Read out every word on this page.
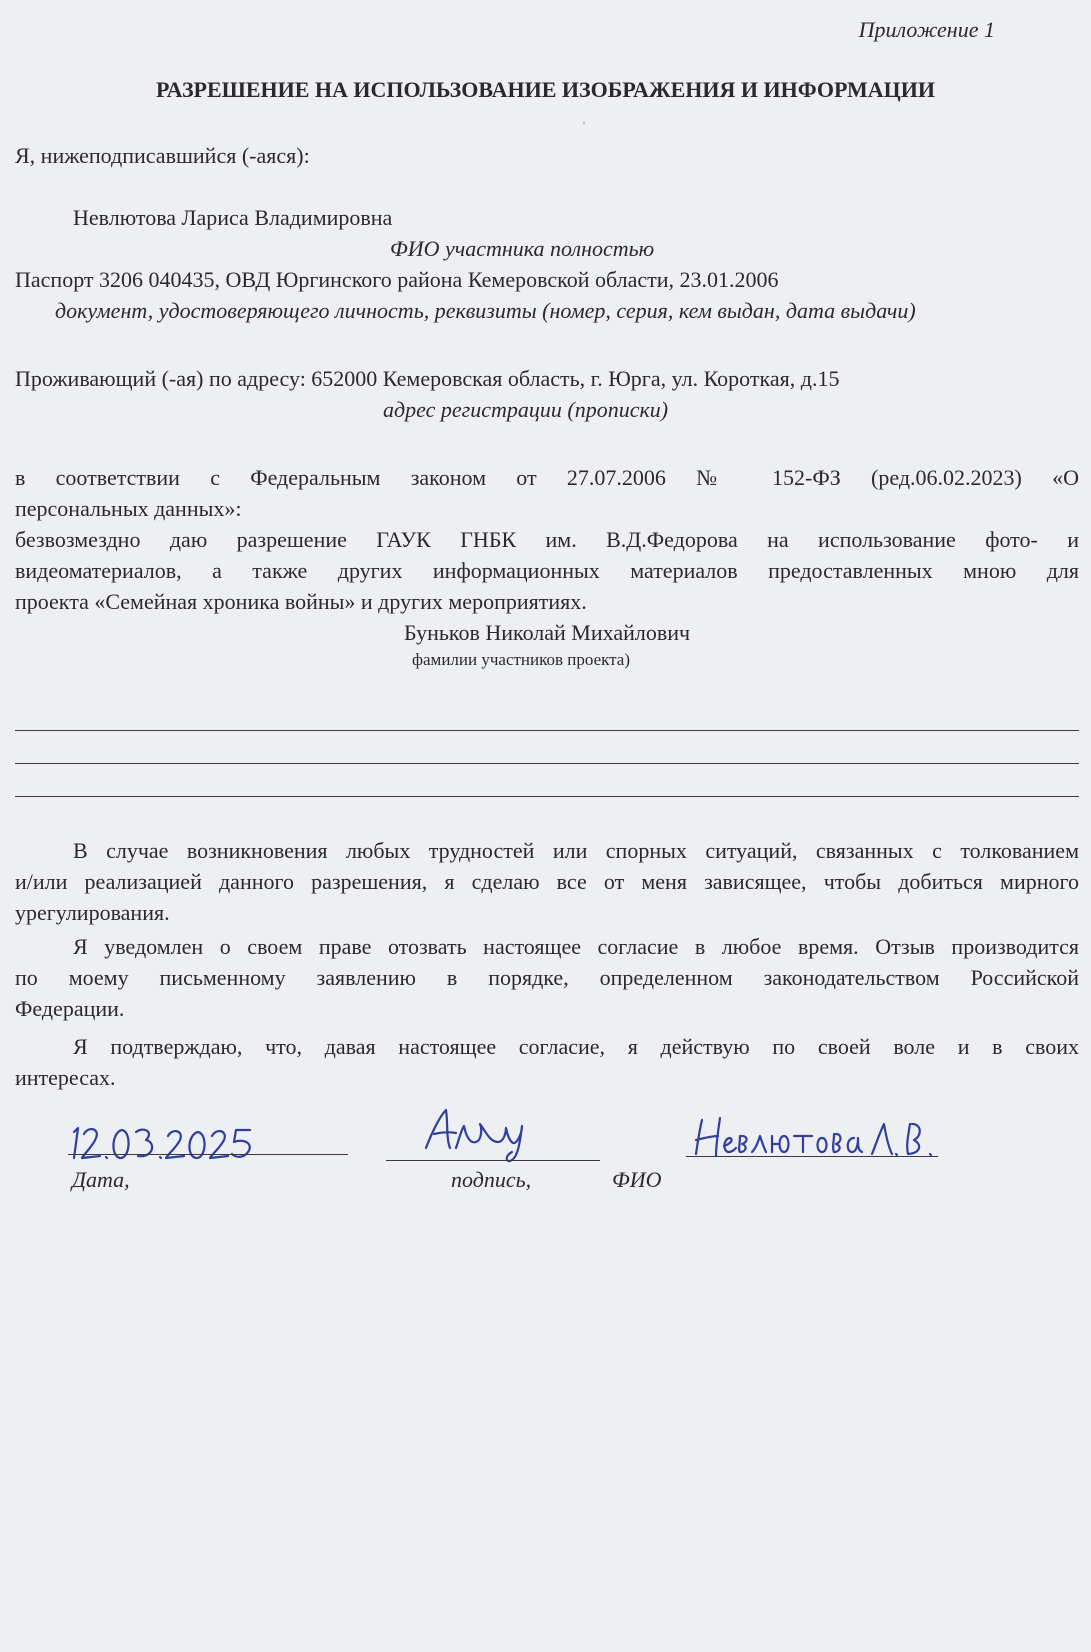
Приложение 1
РАЗРЕШЕНИЕ НА ИСПОЛЬЗОВАНИЕ ИЗОБРАЖЕНИЯ И ИНФОРМАЦИИ
Я, нижеподписавшийся (-аяся):
Невлютова Лариса Владимировна
ФИО участника полностью
Паспорт 3206 040435, ОВД Юргинского района Кемеровской области, 23.01.2006
документ, удостоверяющего личность, реквизиты (номер, серия, кем выдан, дата выдачи)
Проживающий (-ая) по адресу: 652000 Кемеровская область, г. Юрга, ул. Короткая, д.15
адрес регистрации (прописки)
в соответствии с Федеральным законом от 27.07.2006 № 152-ФЗ (ред.06.02.2023) «О
персональных данных»:
безвозмездно даю разрешение ГАУК ГНБК им. В.Д.Федорова на использование фото- и
видеоматериалов, а также других информационных материалов предоставленных мною для
проекта «Семейная хроника войны» и других мероприятиях.
Буньков Николай Михайлович
фамилии участников проекта)
В случае возникновения любых трудностей или спорных ситуаций, связанных с толкованием
и/или реализацией данного разрешения, я сделаю все от меня зависящее, чтобы добиться мирного
урегулирования.
Я уведомлен о своем праве отозвать настоящее согласие в любое время. Отзыв производится
по моему письменному заявлению в порядке, определенном законодательством Российской
Федерации.
Я подтверждаю, что, давая настоящее согласие, я действую по своей воле и в своих
интересах.
Дата,	подпись,	ФИО
